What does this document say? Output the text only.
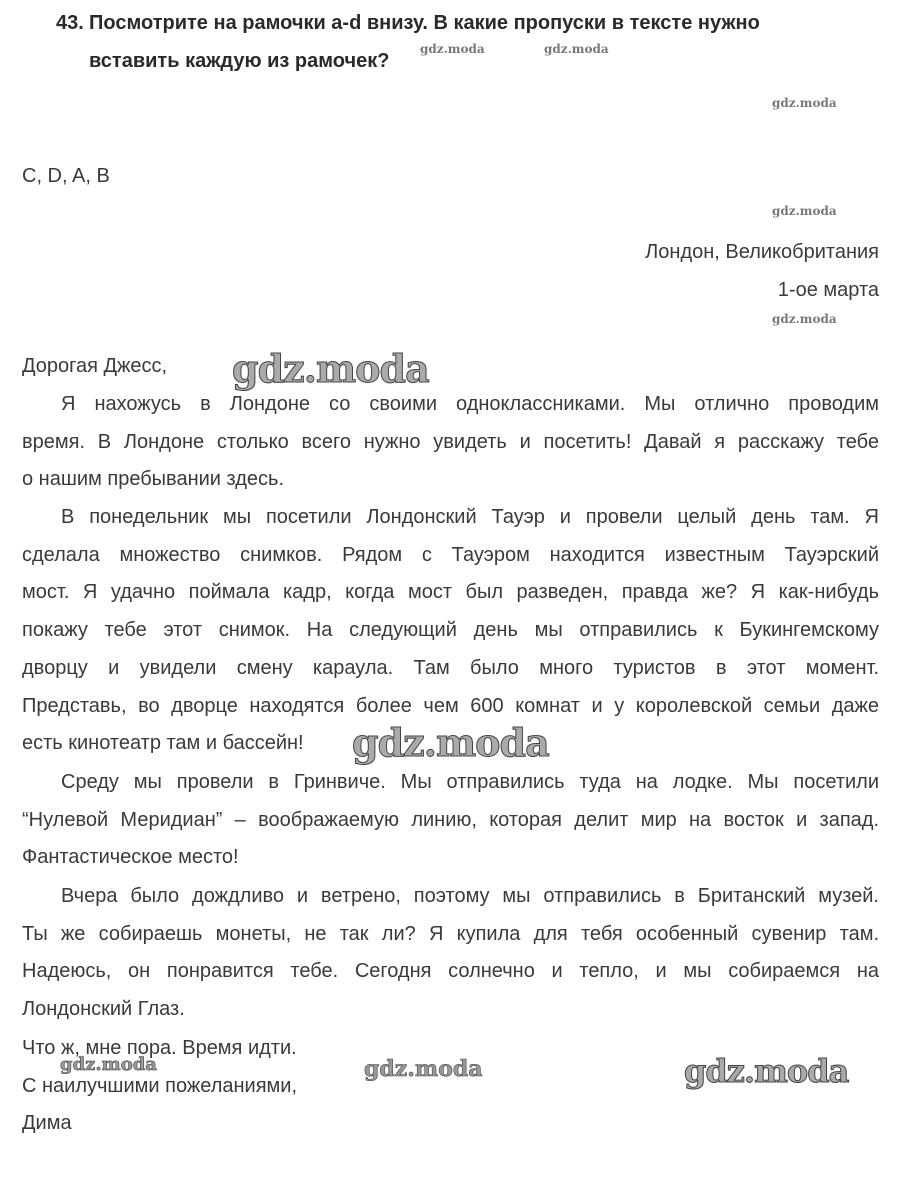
43. Посмотрите на рамочки a-d внизу. В какие пропуски в тексте нужно
вставить каждую из рамочек?
C, D, A, B
Лондон, Великобритания
1-ое марта
Дорогая Джесс,
Я нахожусь в Лондоне со своими одноклассниками. Мы отлично проводим
время. В Лондоне столько всего нужно увидеть и посетить! Давай я расскажу тебе
о нашим пребывании здесь.
В понедельник мы посетили Лондонский Тауэр и провели целый день там. Я
сделала множество снимков. Рядом с Тауэром находится известным Тауэрский
мост. Я удачно поймала кадр, когда мост был разведен, правда же? Я как-нибудь
покажу тебе этот снимок. На следующий день мы отправились к Букингемскому
дворцу и увидели смену караула. Там было много туристов в этот момент.
Представь, во дворце находятся более чем 600 комнат и у королевской семьи даже
есть кинотеатр там и бассейн!
Среду мы провели в Гринвиче. Мы отправились туда на лодке. Мы посетили
“Нулевой Меридиан” – воображаемую линию, которая делит мир на восток и запад.
Фантастическое место!
Вчера было дождливо и ветрено, поэтому мы отправились в Британский музей.
Ты же собираешь монеты, не так ли? Я купила для тебя особенный сувенир там.
Надеюсь, он понравится тебе. Сегодня солнечно и тепло, и мы собираемся на
Лондонский Глаз.
Что ж, мне пора. Время идти.
С наилучшими пожеланиями,
Дима
gdz.moda	gdz.moda
gdz.moda
gdz.moda
gdz.moda
gdz.moda
gdz.moda
gdz.moda	gdz.moda	gdz.moda
